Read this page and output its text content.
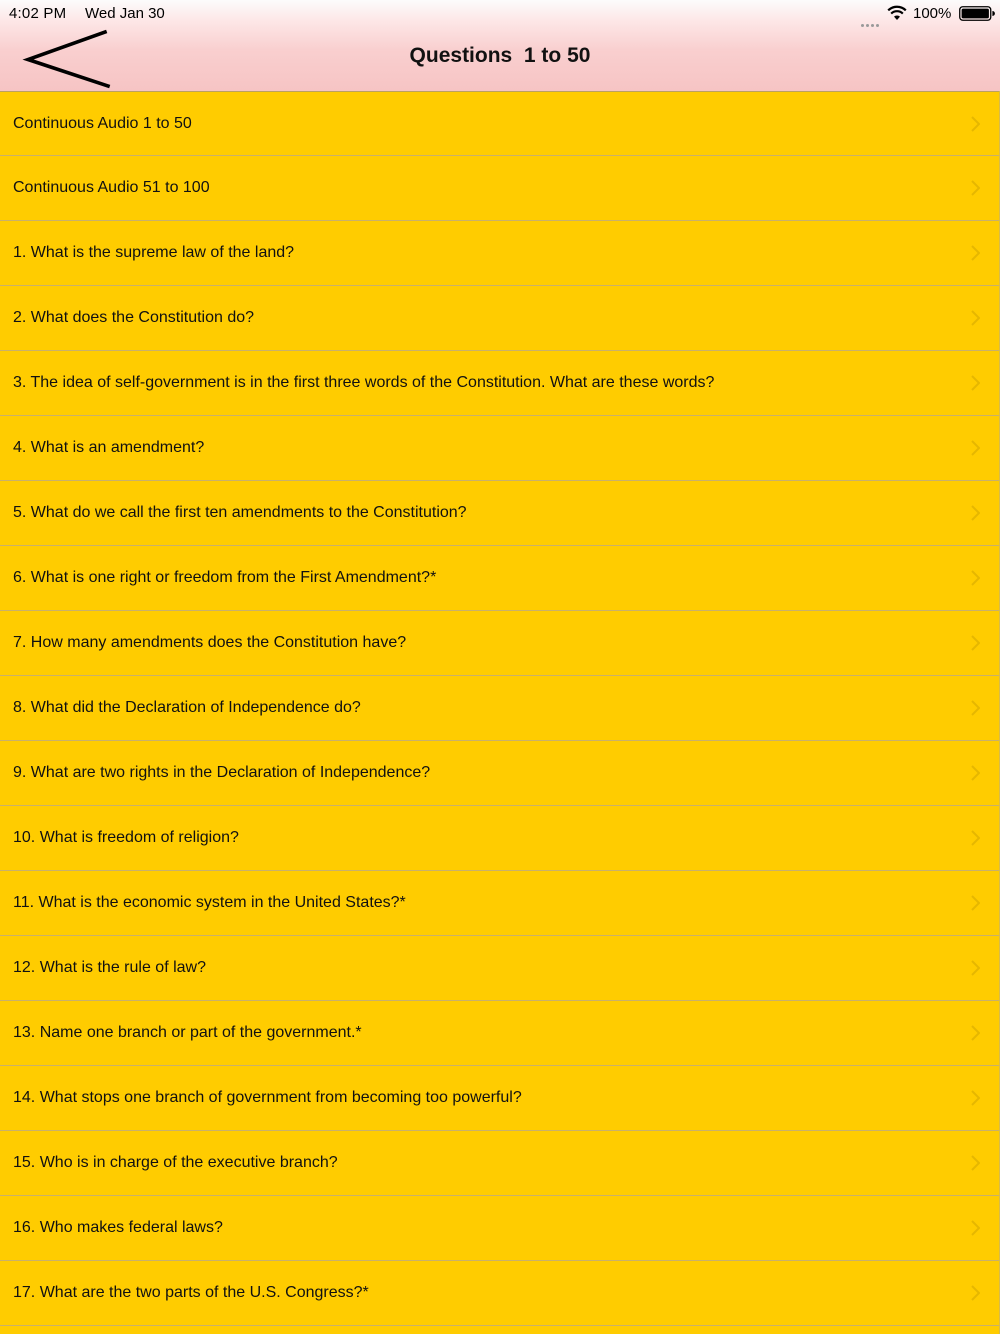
4:02 PM Wed Jan 30	100%
Questions  1 to 50
Continuous Audio 1 to 50
Continuous Audio 51 to 100
1. What is the supreme law of the land?
2. What does the Constitution do?
3. The idea of self-government is in the first three words of the Constitution. What are these words?
4. What is an amendment?
5. What do we call the first ten amendments to the Constitution?
6. What is one right or freedom from the First Amendment?*
7. How many amendments does the Constitution have?
8. What did the Declaration of Independence do?
9. What are two rights in the Declaration of Independence?
10. What is freedom of religion?
11. What is the economic system in the United States?*
12. What is the rule of law?
13. Name one branch or part of the government.*
14. What stops one branch of government from becoming too powerful?
15. Who is in charge of the executive branch?
16. Who makes federal laws?
17. What are the two parts of the U.S. Congress?*
